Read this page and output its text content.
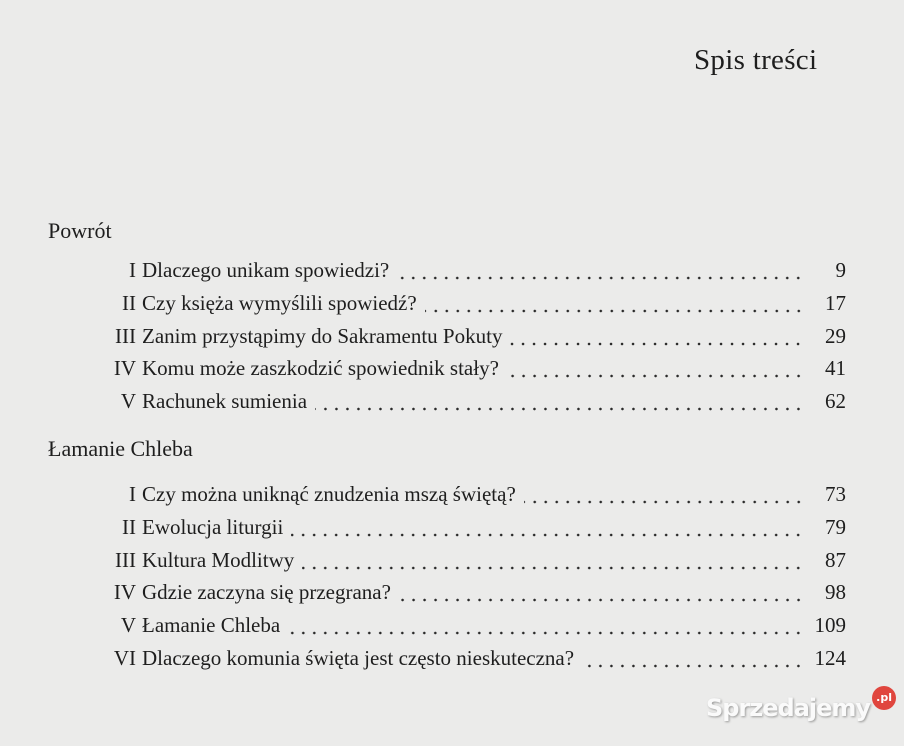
Spis treści
Powrót
I Dlaczego unikam spowiedzi?	9
II Czy księża wymyślili spowiedź?	17
III Zanim przystąpimy do Sakramentu Pokuty	29
IV Komu może zaszkodzić spowiednik stały?	41
V Rachunek sumienia	62
Łamanie Chleba
I Czy można uniknąć znudzenia mszą świętą?	73
II Ewolucja liturgii	79
III Kultura Modlitwy	87
IV Gdzie zaczyna się przegrana?	98
V Łamanie Chleba	109
VI Dlaczego komunia święta jest często nieskuteczna?	124
Sprzedajemy .pl
